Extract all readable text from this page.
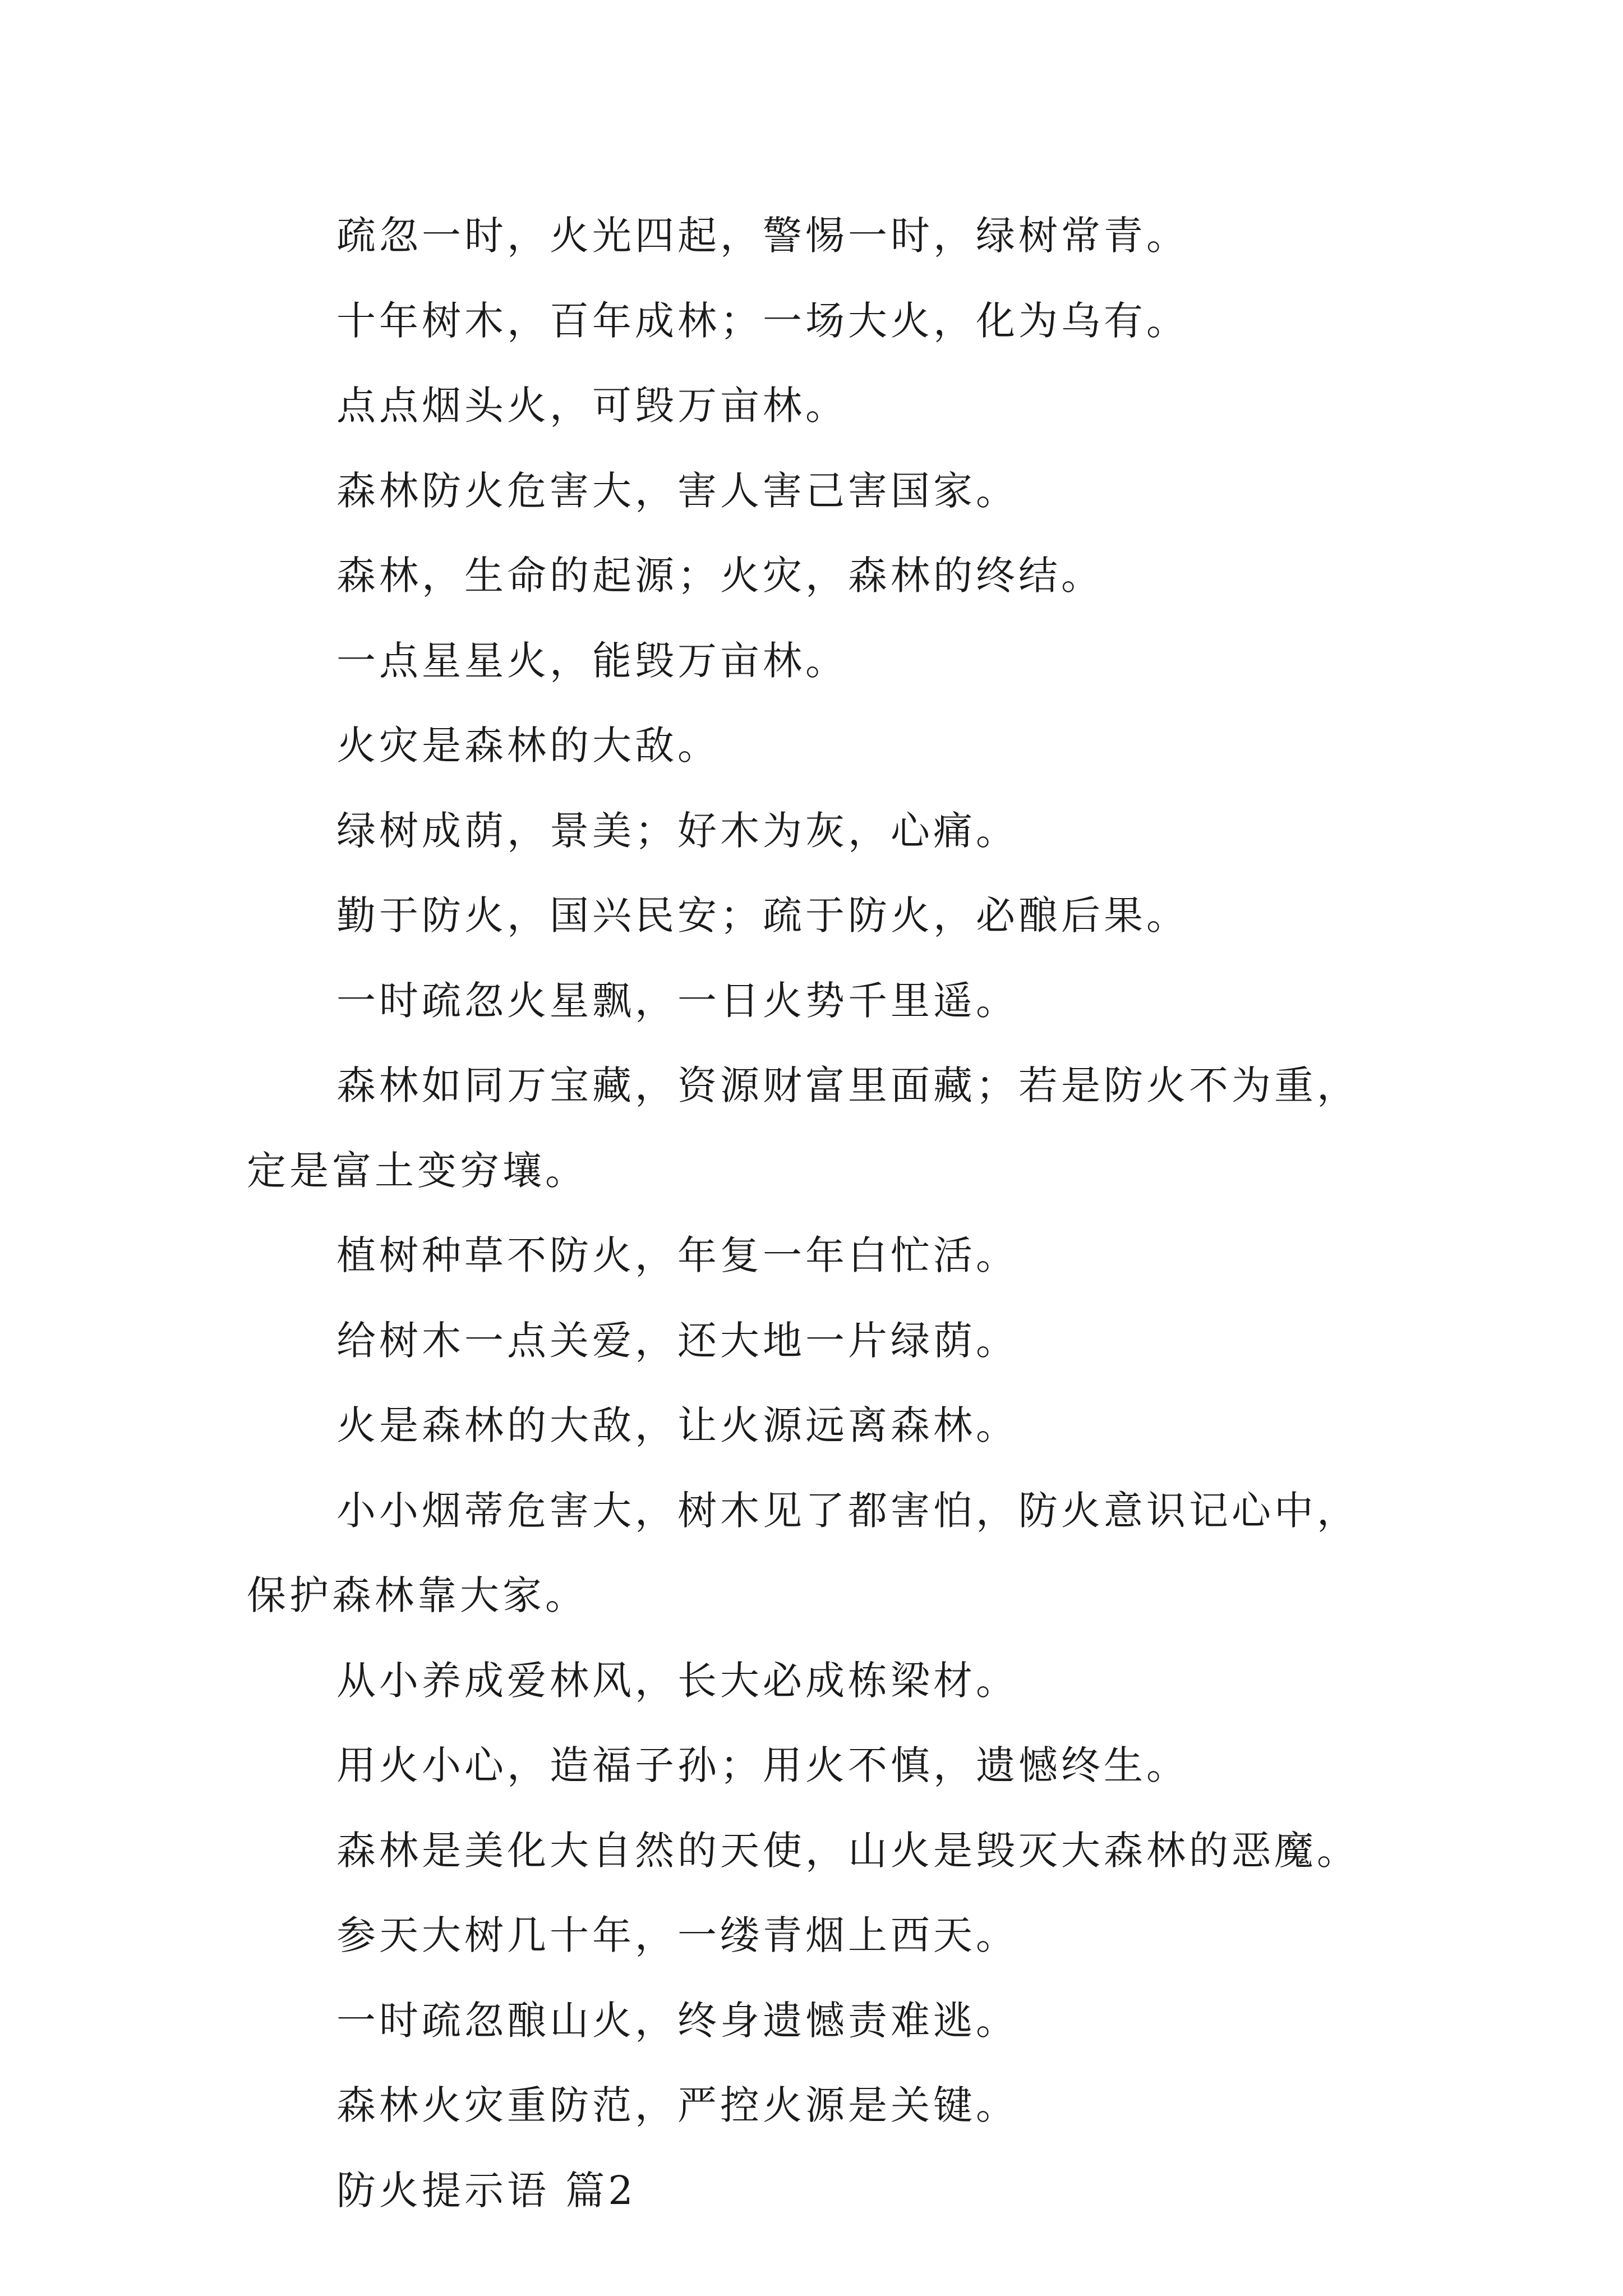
疏忽一时，火光四起，警惕一时，绿树常青。

十年树木，百年成林；一场大火，化为乌有。

点点烟头火，可毁万亩林。

森林防火危害大，害人害己害国家。

森林，生命的起源；火灾，森林的终结。

一点星星火，能毁万亩林。

火灾是森林的大敌。

绿树成荫，景美；好木为灰，心痛。

勤于防火，国兴民安；疏于防火，必酿后果。

一时疏忽火星飘，一日火势千里遥。

森林如同万宝藏，资源财富里面藏；若是防火不为重，定是富土变穷壤。

植树种草不防火，年复一年白忙活。

给树木一点关爱，还大地一片绿荫。

火是森林的大敌，让火源远离森林。

小小烟蒂危害大，树木见了都害怕，防火意识记心中，保护森林靠大家。

从小养成爱林风，长大必成栋梁材。

用火小心，造福子孙；用火不慎，遗憾终生。

森林是美化大自然的天使，山火是毁灭大森林的恶魔。

参天大树几十年，一缕青烟上西天。

一时疏忽酿山火，终身遗憾责难逃。

森林火灾重防范，严控火源是关键。

防火提示语 篇2
